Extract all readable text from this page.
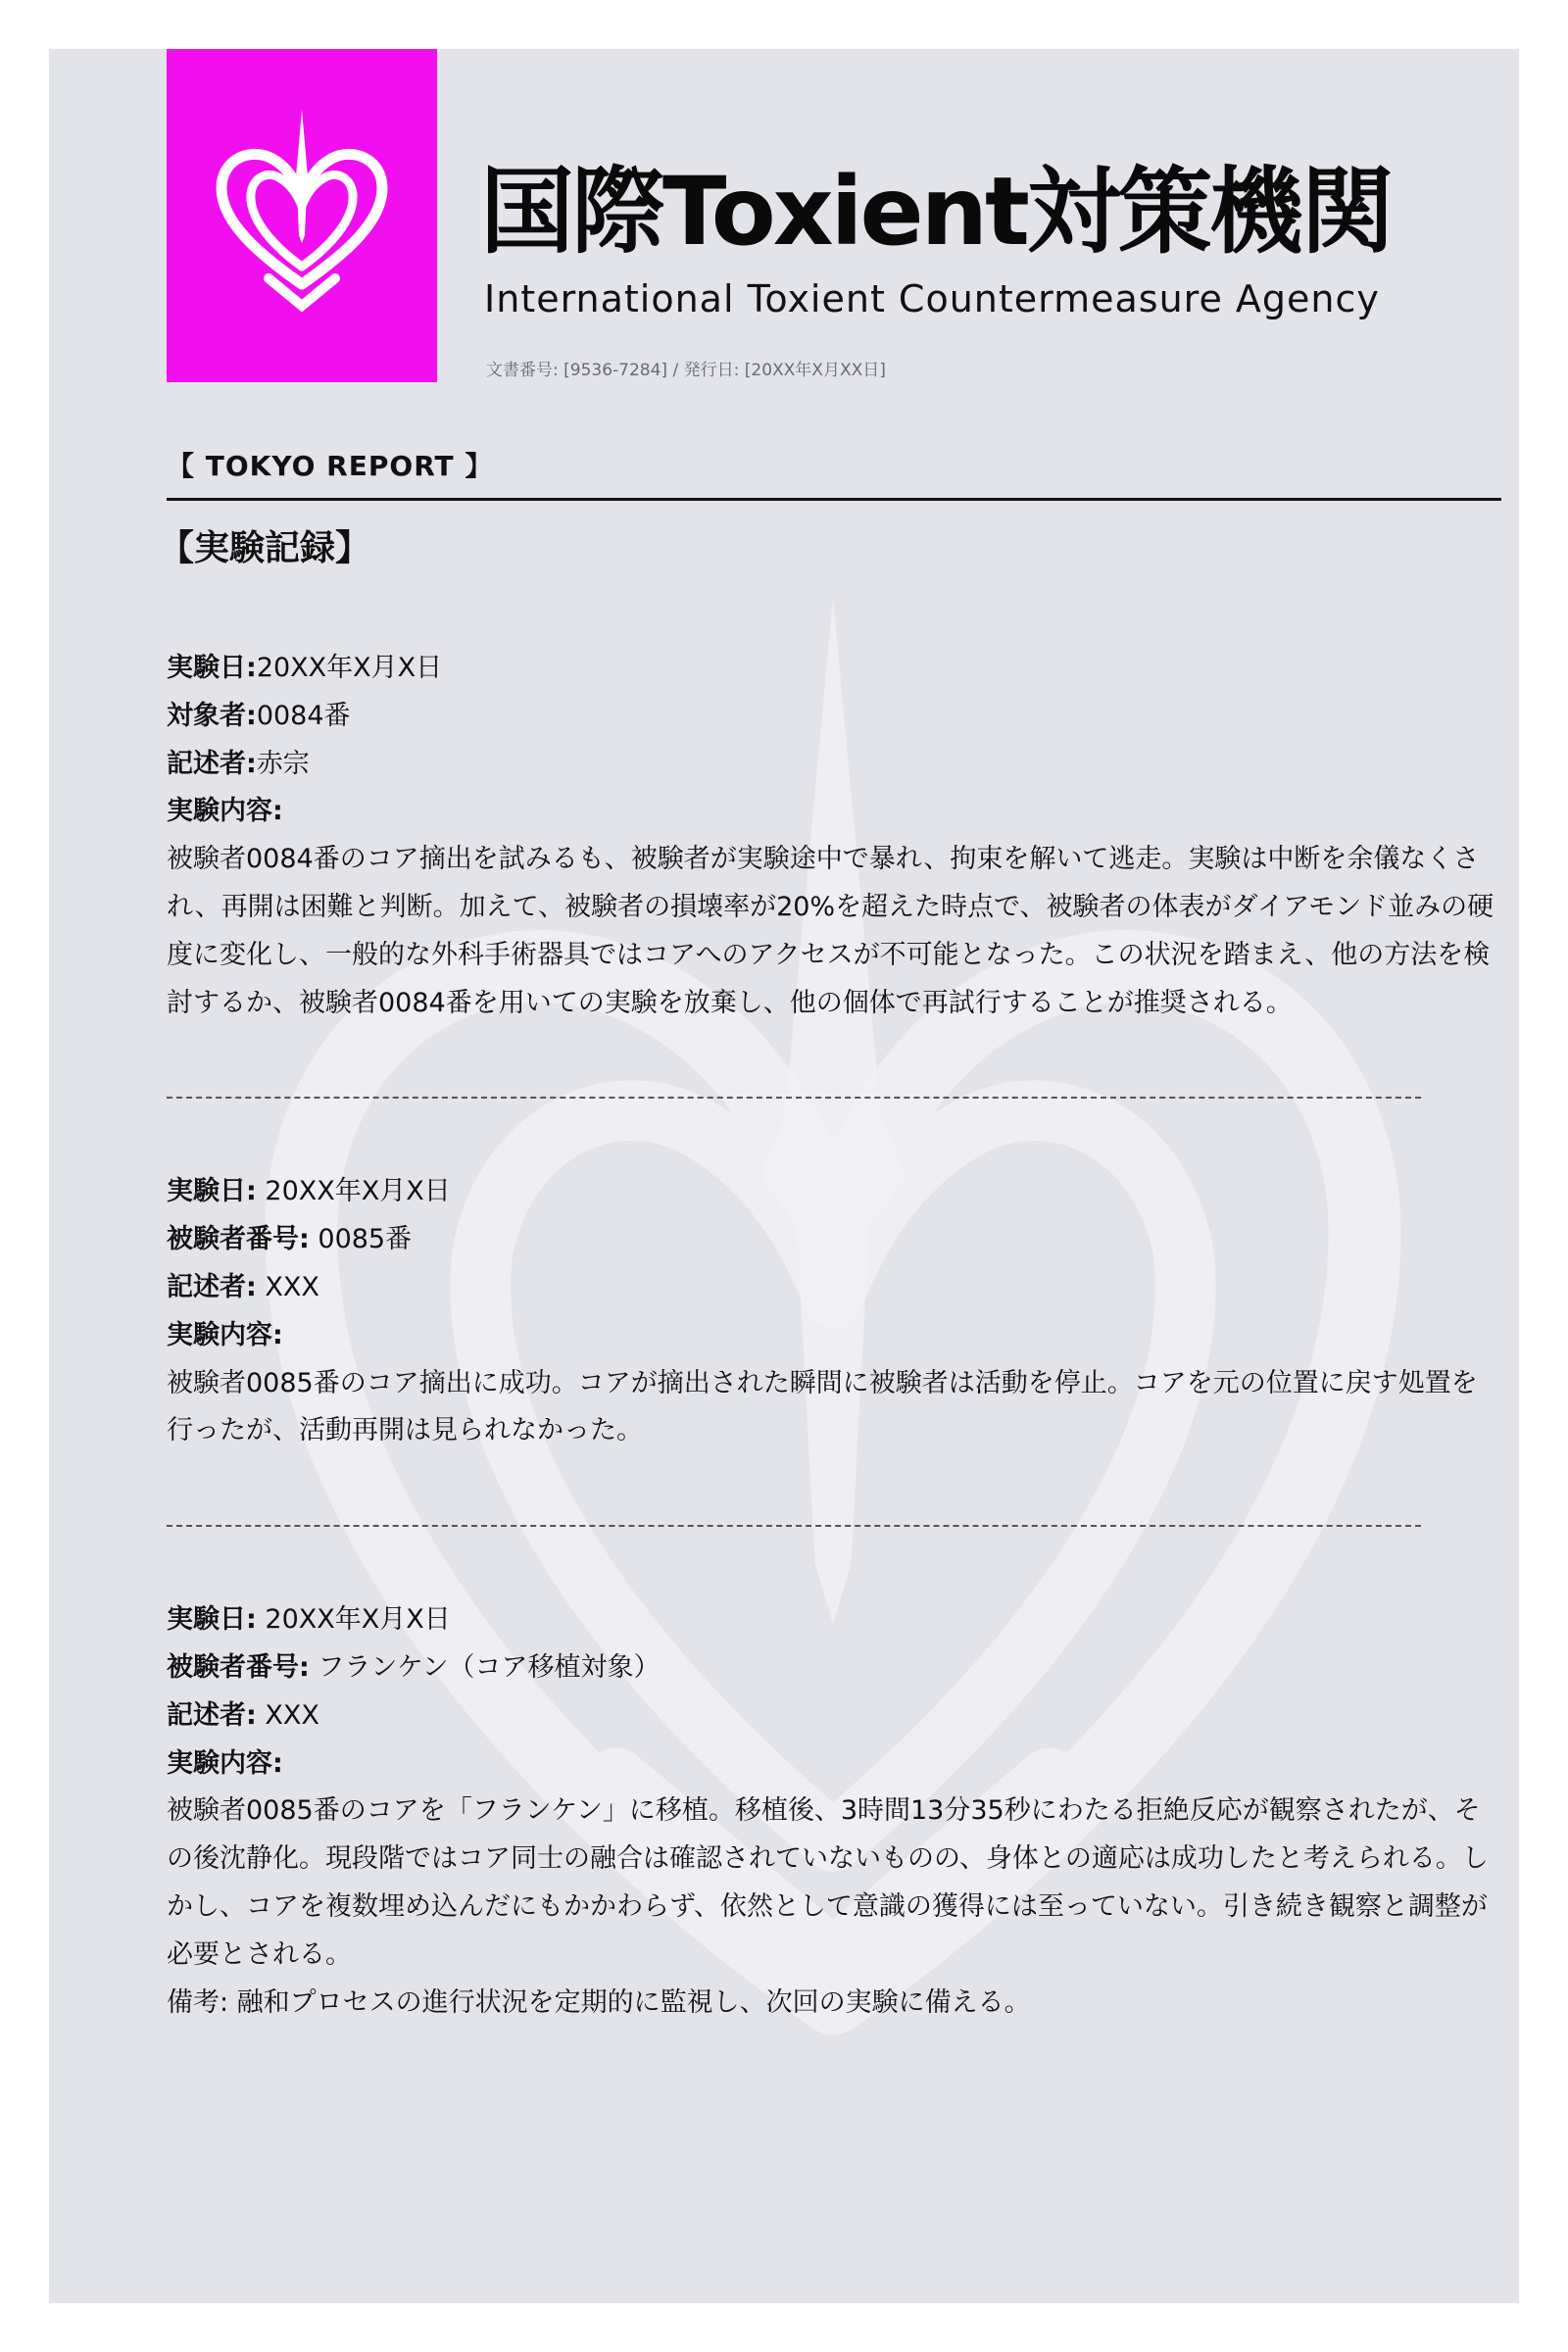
国際Toxient対策機関
International Toxient Countermeasure Agency
文書番号: [9536-7284]/ 発行日: [20XX年X月XX日]
【 TOKYO REPORT 】
【実験記録】
実験日:20XX年X月X日
対象者:0084番
記述者:赤宗
実験内容:
被験者0084番のコア摘出を試みるも、被験者が実験途中で暴れ、拘束を解いて逃走。実験は中断を余儀なくされ、再開は困難と判断。加えて、被験者の損壊率が20%を超えた時点で、被験者の体表がダイアモンド並みの硬度に変化し、一般的な外科手術器具ではコアへのアクセスが不可能となった。この状況を踏まえ、他の方法を検討するか、被験者0084番を用いての実験を放棄し、他の個体で再試行することが推奨される。
実験日: 20XX年X月X日
被験者番号: 0085番
記述者: XXX
実験内容:
被験者0085番のコア摘出に成功。コアが摘出された瞬間に被験者は活動を停止。コアを元の位置に戻す処置を行ったが、活動再開は見られなかった。
実験日: 20XX年X月X日
被験者番号: フランケン（コア移植対象）
記述者: XXX
実験内容:
被験者0085番のコアを「フランケン」に移植。移植後、3時間13分35秒にわたる拒絶反応が観察されたが、その後沈静化。現段階ではコア同士の融合は確認されていないものの、身体との適応は成功したと考えられる。しかし、コアを複数埋め込んだにもかかわらず、依然として意識の獲得には至っていない。引き続き観察と調整が必要とされる。
備考: 融和プロセスの進行状況を定期的に監視し、次回の実験に備える。
